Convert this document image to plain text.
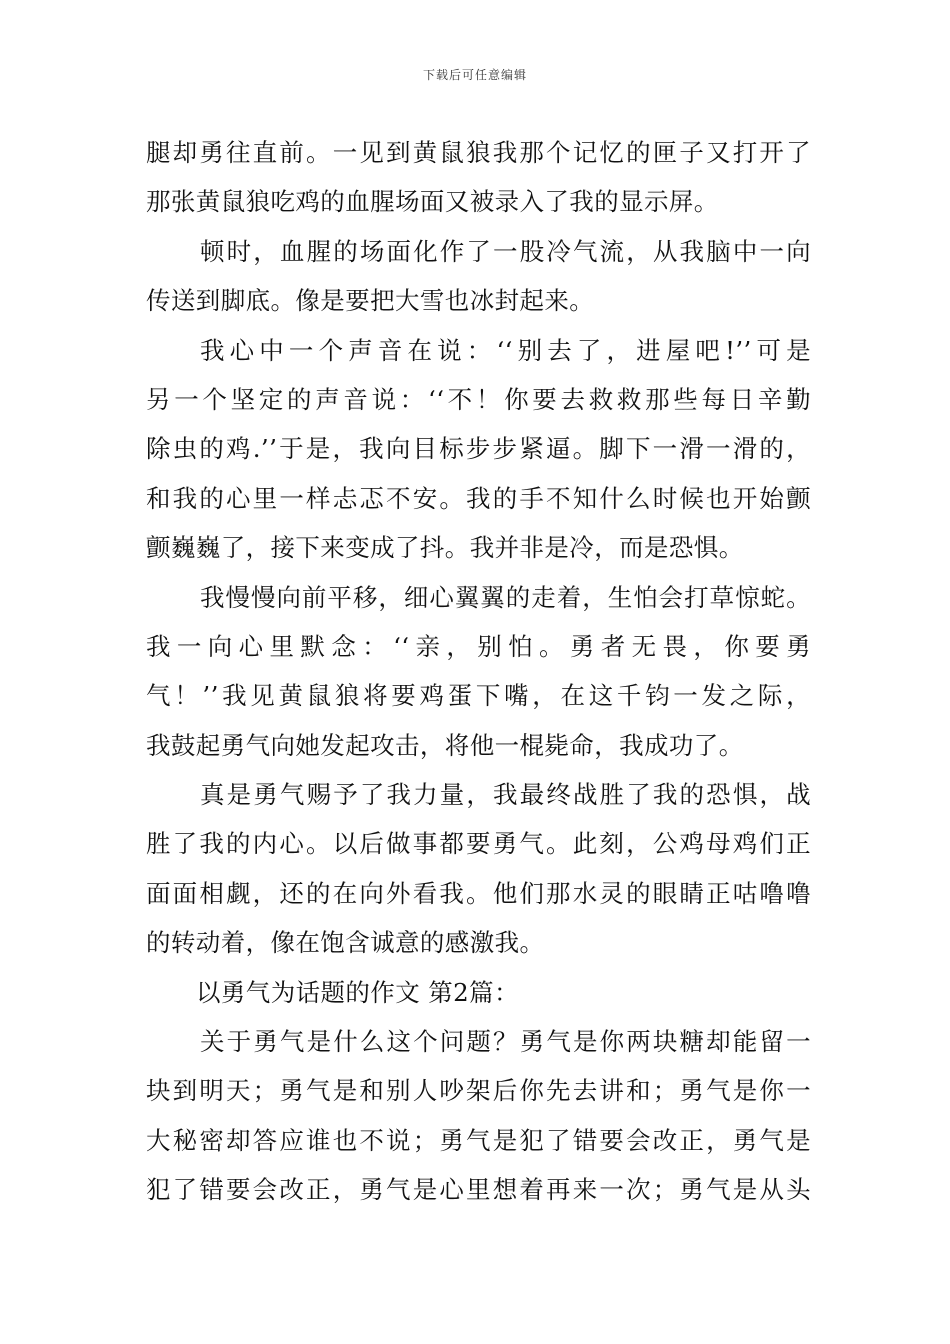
下载后可任意编辑
腿却勇往直前。一见到黄鼠狼我那个记忆的匣子又打开了
那张黄鼠狼吃鸡的血腥场面又被录入了我的显示屏。
顿时，血腥的场面化作了一股冷气流，从我脑中一向
传送到脚底。像是要把大雪也冰封起来。
我心中一个声音在说：‘‘别去了，进屋吧!’’可是
另一个坚定的声音说：‘‘不！你要去救救那些每日辛勤
除虫的鸡.’’于是，我向目标步步紧逼。脚下一滑一滑的，
和我的心里一样忐忑不安。我的手不知什么时候也开始颤
颤巍巍了，接下来变成了抖。我并非是冷，而是恐惧。
我慢慢向前平移，细心翼翼的走着，生怕会打草惊蛇。
我一向心里默念：‘‘亲，别怕。勇者无畏，你要勇
气！’’我见黄鼠狼将要鸡蛋下嘴，在这千钧一发之际，
我鼓起勇气向她发起攻击，将他一棍毙命，我成功了。
真是勇气赐予了我力量，我最终战胜了我的恐惧，战
胜了我的内心。以后做事都要勇气。此刻，公鸡母鸡们正
面面相觑，还的在向外看我。他们那水灵的眼睛正咕噜噜
的转动着，像在饱含诚意的感激我。
以勇气为话题的作文 第2篇：
关于勇气是什么这个问题？勇气是你两块糖却能留一
块到明天；勇气是和别人吵架后你先去讲和；勇气是你一
大秘密却答应谁也不说；勇气是犯了错要会改正，勇气是
犯了错要会改正，勇气是心里想着再来一次；勇气是从头
